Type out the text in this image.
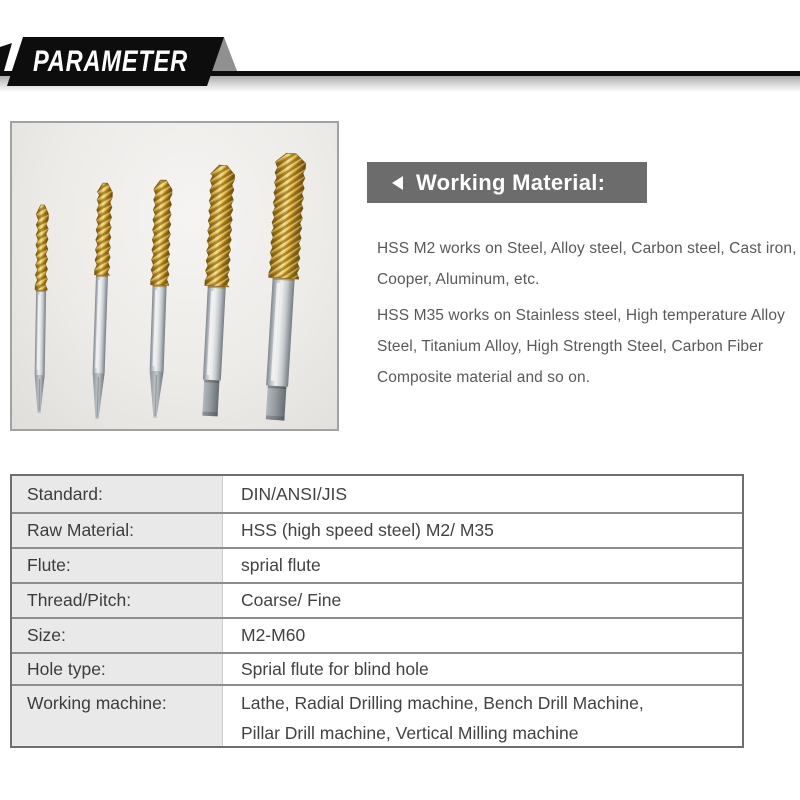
PARAMETER
Working Material:

HSS M2 works on Steel, Alloy steel, Carbon steel, Cast iron,
Cooper, Aluminum, etc.

HSS M35 works on Stainless steel, High temperature Alloy
Steel, Titanium Alloy, High Strength Steel, Carbon Fiber
Composite material and so on.

Standard:	DIN/ANSI/JIS
Raw Material:	HSS (high speed steel) M2/ M35
Flute:	sprial flute
Thread/Pitch:	Coarse/ Fine
Size:	M2-M60
Hole type:	Sprial flute for blind hole
Working machine:	Lathe, Radial Drilling machine, Bench Drill Machine,
Pillar Drill machine, Vertical Milling machine
